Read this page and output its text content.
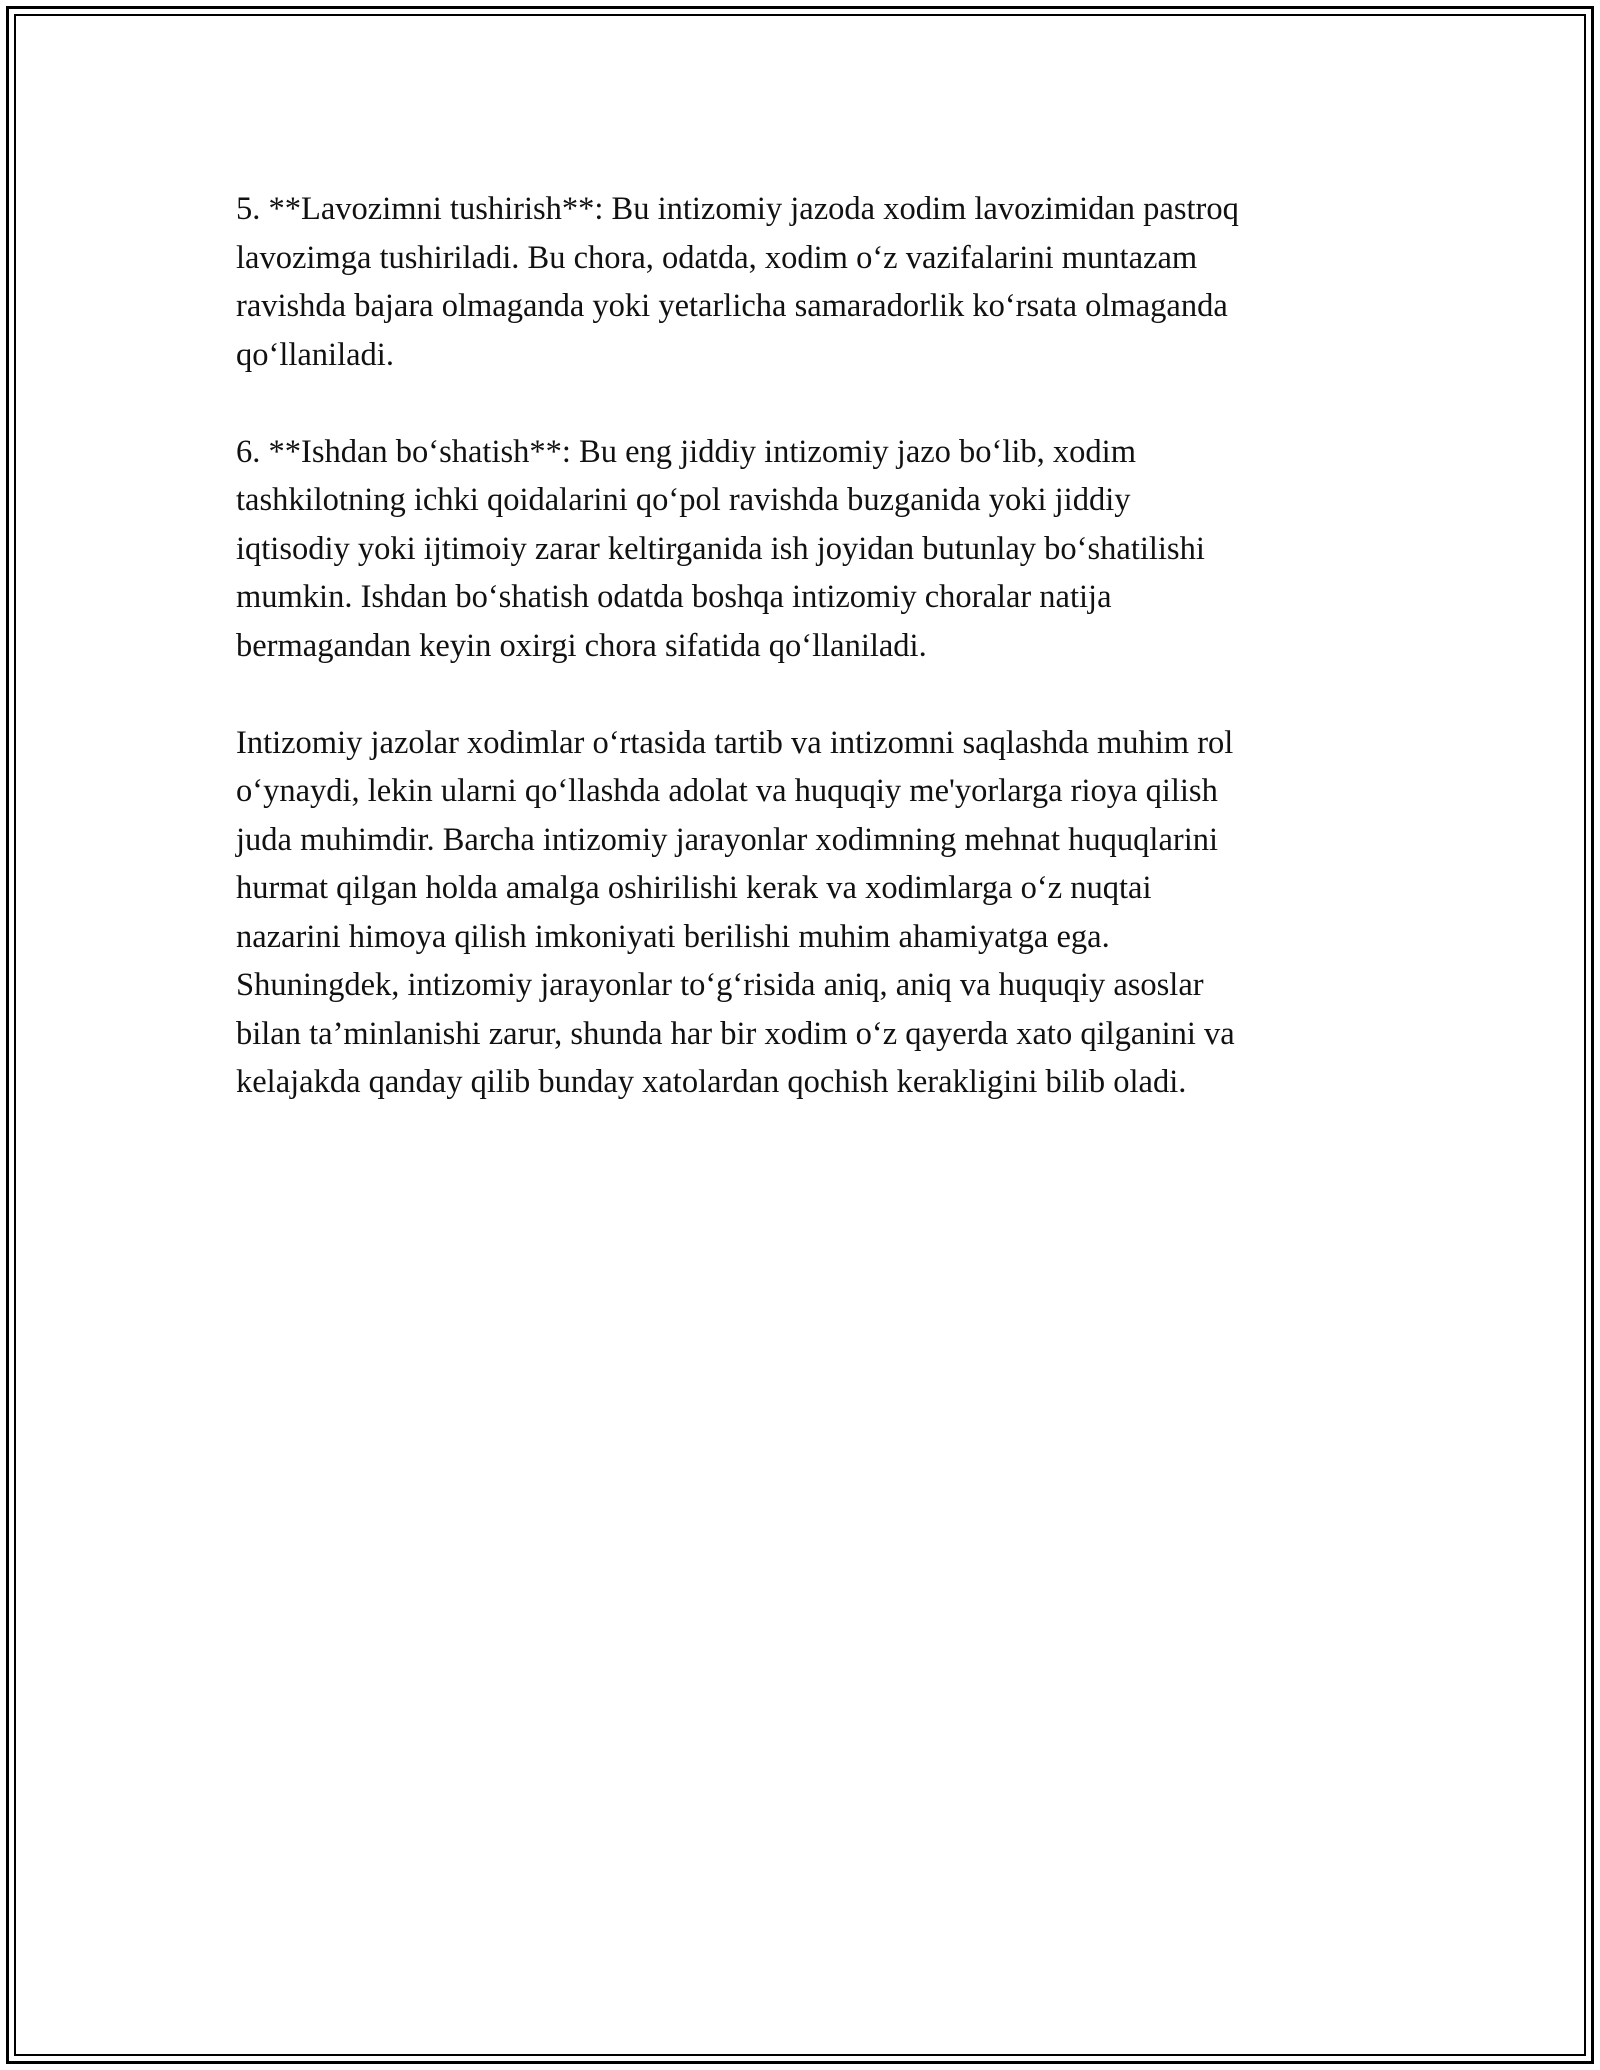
5. **Lavozimni tushirish**: Bu intizomiy jazoda xodim lavozimidan pastroq
lavozimga tushiriladi. Bu chora, odatda, xodim oʻz vazifalarini muntazam
ravishda bajara olmaganda yoki yetarlicha samaradorlik koʻrsata olmaganda
qoʻllaniladi.

6. **Ishdan boʻshatish**: Bu eng jiddiy intizomiy jazo boʻlib, xodim
tashkilotning ichki qoidalarini qoʻpol ravishda buzganida yoki jiddiy
iqtisodiy yoki ijtimoiy zarar keltirganida ish joyidan butunlay boʻshatilishi
mumkin. Ishdan boʻshatish odatda boshqa intizomiy choralar natija
bermagandan keyin oxirgi chora sifatida qoʻllaniladi.

Intizomiy jazolar xodimlar oʻrtasida tartib va intizomni saqlashda muhim rol
oʻynaydi, lekin ularni qoʻllashda adolat va huquqiy me'yorlarga rioya qilish
juda muhimdir. Barcha intizomiy jarayonlar xodimning mehnat huquqlarini
hurmat qilgan holda amalga oshirilishi kerak va xodimlarga oʻz nuqtai
nazarini himoya qilish imkoniyati berilishi muhim ahamiyatga ega.
Shuningdek, intizomiy jarayonlar toʻgʻrisida aniq, aniq va huquqiy asoslar
bilan ta’minlanishi zarur, shunda har bir xodim oʻz qayerda xato qilganini va
kelajakda qanday qilib bunday xatolardan qochish kerakligini bilib oladi.
